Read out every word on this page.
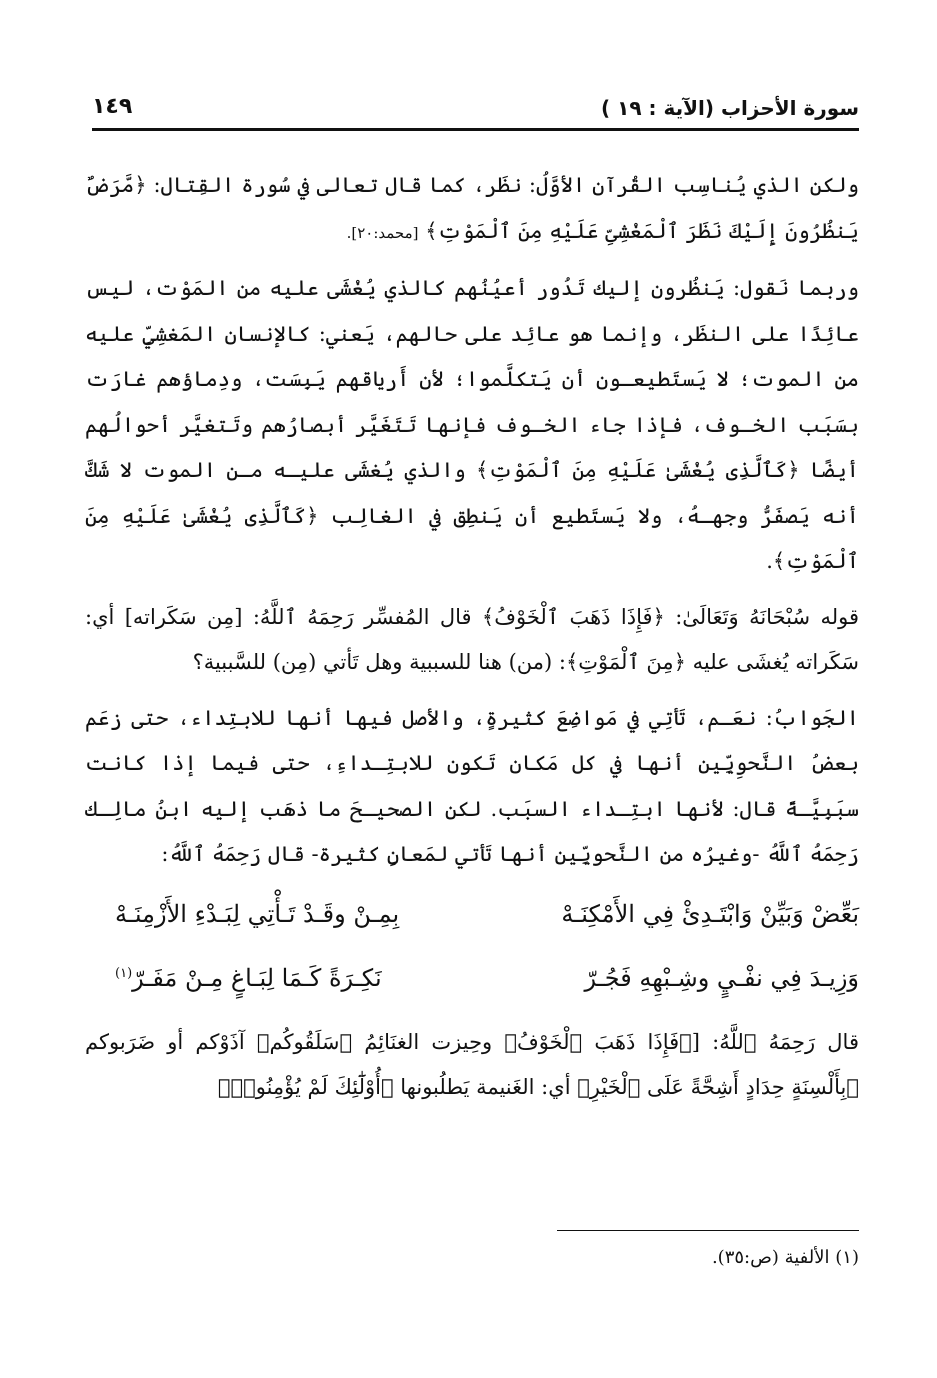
سورة الأحزاب (الآية : ١٩ )
١٤٩

ولكن الذي يُناسِب القُرآن الأوَّلُ: نظَر، كما قال تعالى في سُورة القِتال: ﴿مَّرَضٌ يَنظُرُونَ إِلَيْكَ نَظَرَ ٱلْمَغْشِىِّ عَلَيْهِ مِنَ ٱلْمَوْتِ﴾ [محمد:٢٠].

وربما نَقول: يَنظُرون إليك تَدُور أعيُنُهم كالذي يُغْشَى عليه من المَوْت، ليس عائِدًا على النظَر، وإنما هو عائِد على حالهم، يَعني: كالإنسان المَغشِيِّ عليه من الموت؛ لا يَستَطيعـون أن يَتكلَّموا؛ لأن أَرياقهم يَبِسَت، ودِماؤهم غارَت بسَبَب الخـوف، فإذا جاء الخـوف فإنها تَتَغَيَّر أبصارُهم وتَتغيَّر أحوالُهم أيضًا ﴿كَٱلَّذِى يُغْشَىٰ عَلَيْهِ مِنَ ٱلْمَوْتِ﴾ والذي يُغشَى عليـه مـن الموت لا شَكَّ أنه يَصفَرُّ وجهـهُ، ولا يَستَطيع أن يَنطِق في الغالِب ﴿كَٱلَّذِى يُغْشَىٰ عَلَيْهِ مِنَ ٱلْمَوْتِ﴾.

قوله سُبْحَانَهُ وَتَعَالَىٰ: ﴿فَإِذَا ذَهَبَ ٱلْخَوْفُ﴾ قال المُفسِّر رَحِمَهُ ٱللَّهُ: [مِن سَكَراته] أي: سَكَراته يُغشَى عليه ﴿مِنَ ٱلْمَوْتِ﴾: (من) هنا للسببية وهل تَأتي (مِن) للسَّببية؟

الجَوابُ: نعَـم، تَأتِي في مَواضِعَ كثيرةٍ، والأصل فيها أنها للابتِداء، حتى زعَم بعضُ النَّحوِيِّين أنها في كل مَكان تَكون للابتِـداءِ، حتى فيما إذا كانت سبَبِيَّـةً قال: لأنها ابتِـداء السبَب. لكن الصحيـحَ ما ذهَب إليه ابنُ مالِـك رَحِمَهُ ٱللَّهُ -وغيرُه من النَّحويِّين أنها تَأتي لمَعانٍ كثيرة- قال رَحِمَهُ ٱللَّهُ:

بَعِّضْ وَبَيِّنْ وَابْتَـدِئْ فِي الأَمْكِنَـهْ
بِمِـنْ وقَـدْ تَـأْتِي لِبَـدْءِ الأَزْمِنَـهْ
وَزِيـدَ فِي نفْـيٍ وشِـبْهِهِ فَجُـرّ
نَكِـرَةً كَـمَا لِبَـاغٍ مِـنْ مَفَـرّ$^{(١)}$

قال رَحِمَهُ ٱللَّهُ: [﴿فَإِذَا ذَهَبَ ٱلْخَوْفُ﴾ وحِيزت الغنَائِمُ ﴿سَلَقُوكُم﴾ آذَوْكم أو ضَرَبوكم ﴿بِأَلْسِنَةٍ حِدَادٍ أَشِحَّةً عَلَى ٱلْخَيْرِ﴾ أي: الغَنيمة يَطلُبونها ﴿أُوْلَٰٓئِكَ لَمْ يُؤْمِنُوا۟﴾

(١) الألفية (ص:٣٥).
